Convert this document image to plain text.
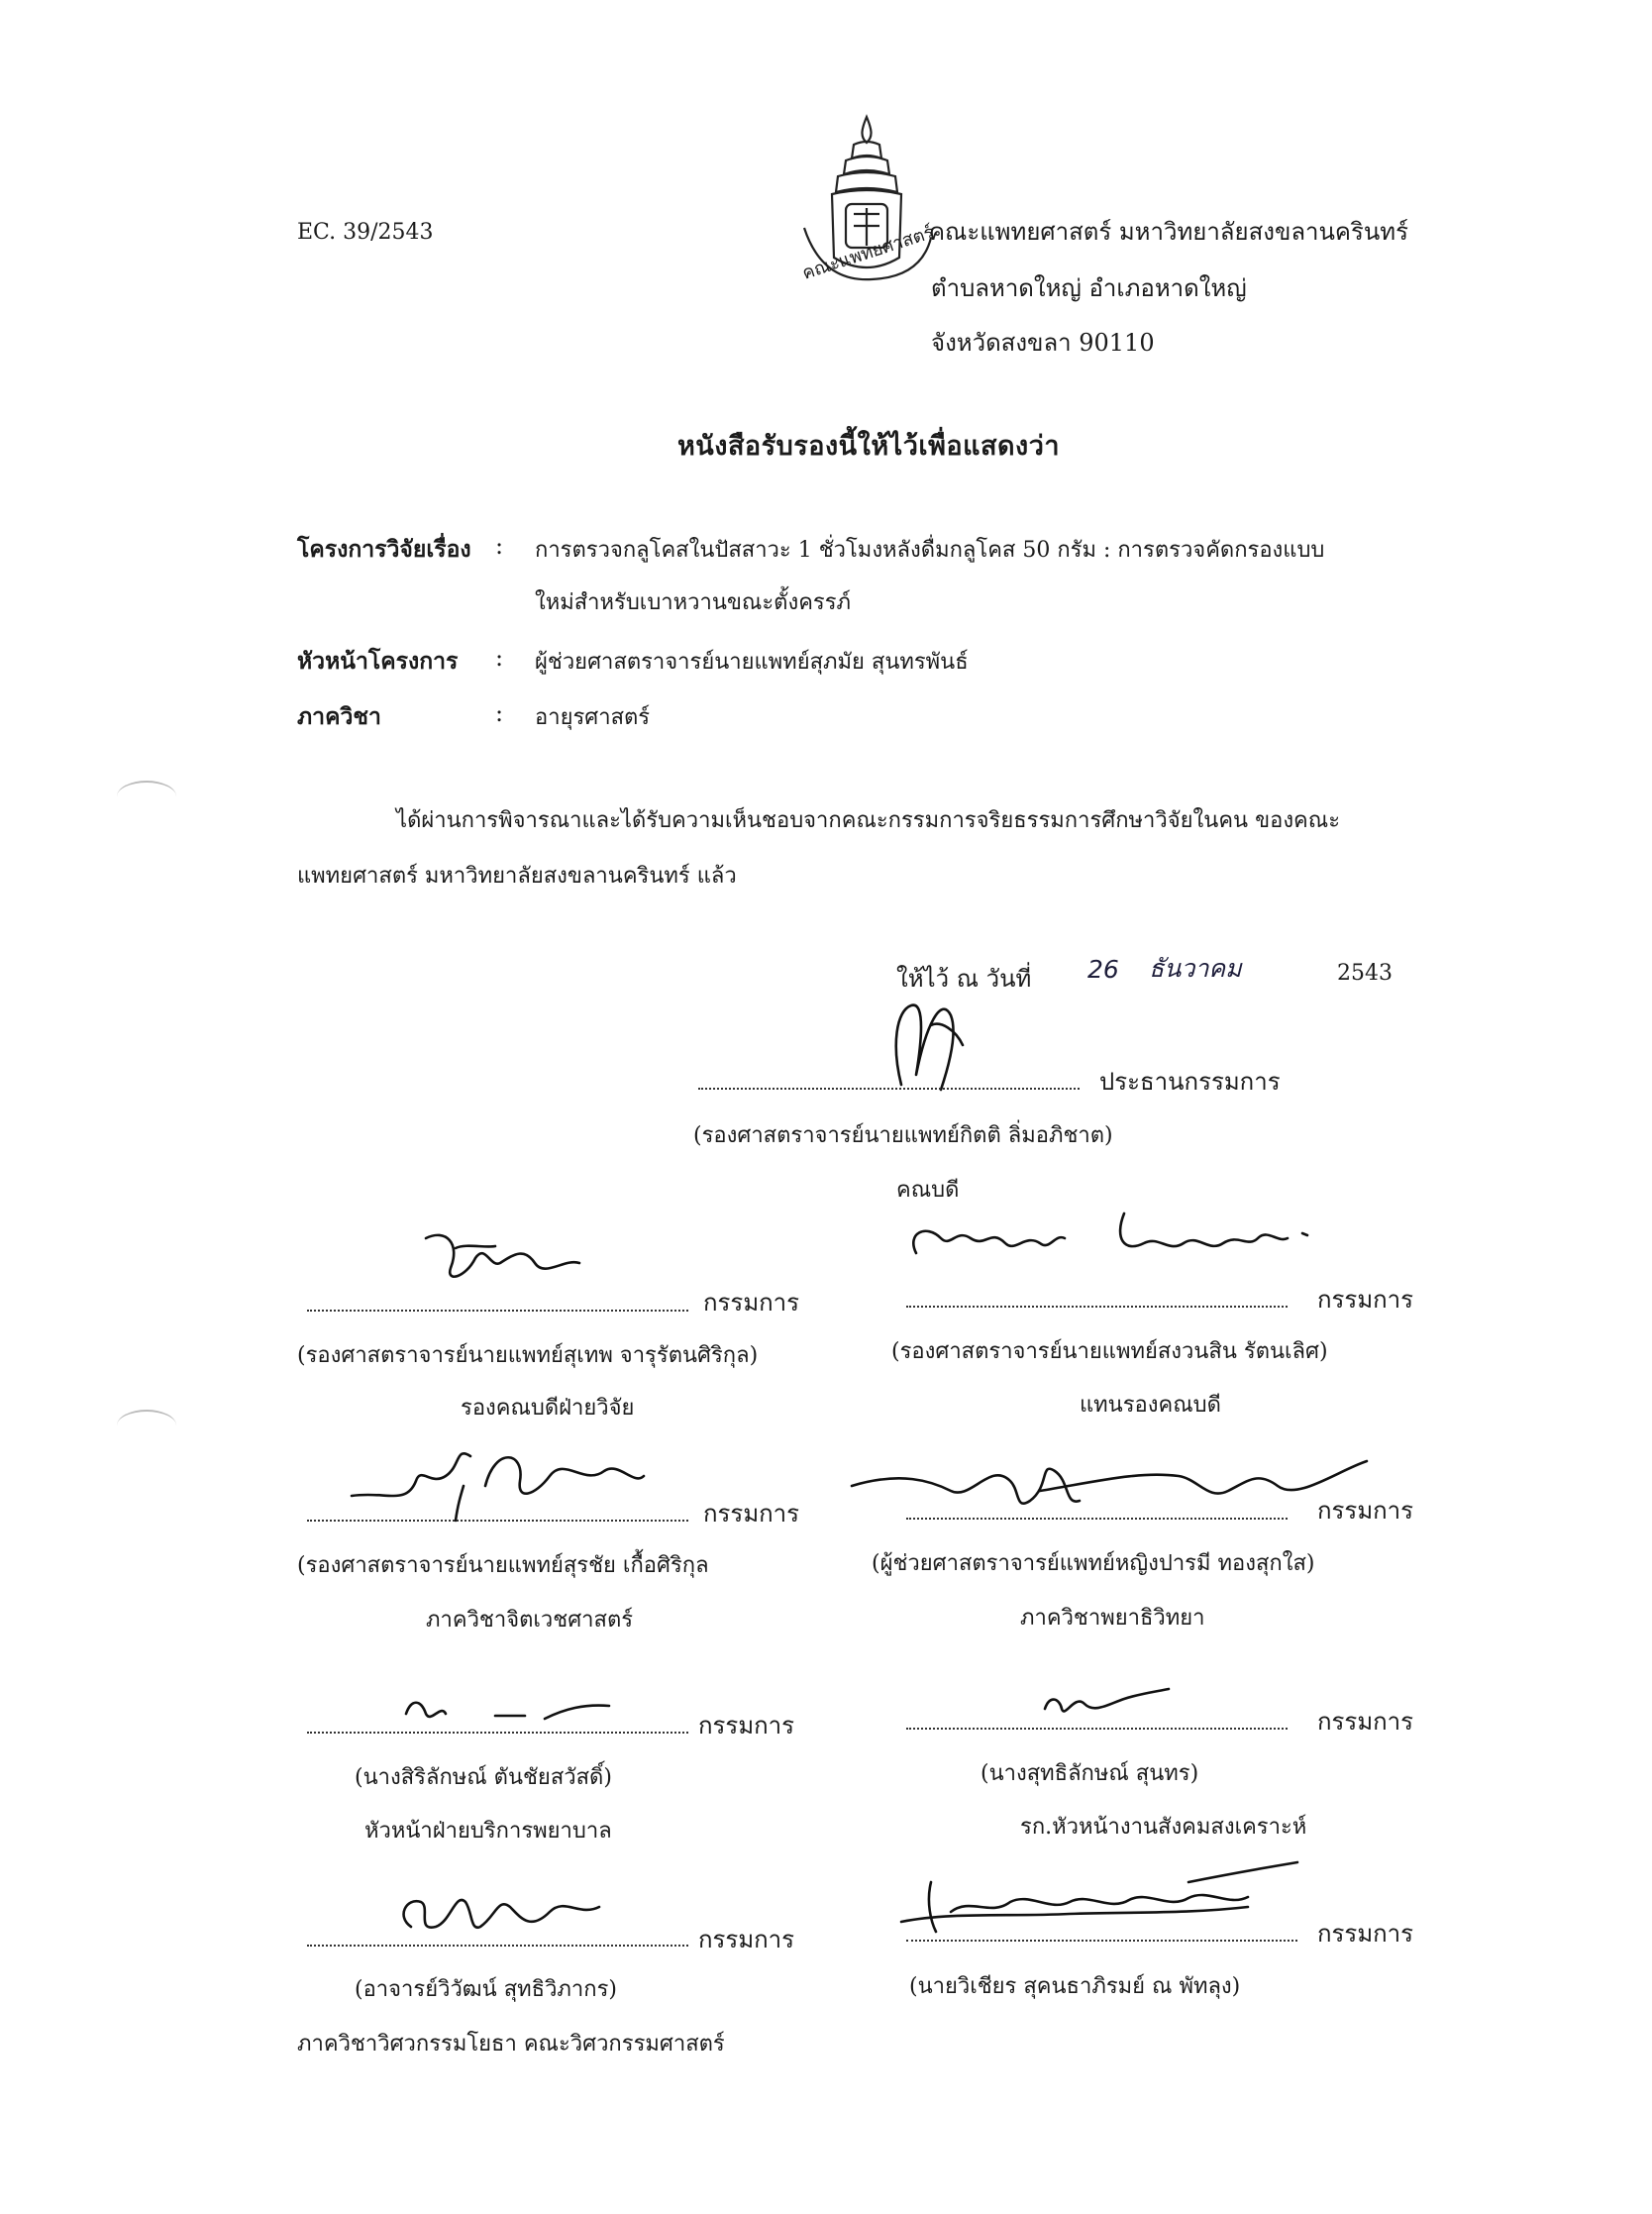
EC. 39/2543	คณะแพทยศาสตร์
คณะแพทยศาสตร์ มหาวิทยาลัยสงขลานครินทร์
ตำบลหาดใหญ่ อำเภอหาดใหญ่
จังหวัดสงขลา 90110
หนังสือรับรองนี้ให้ไว้เพื่อแสดงว่า
โครงการวิจัยเรื่อง : การตรวจกลูโคสในปัสสาวะ 1 ชั่วโมงหลังดื่มกลูโคส 50 กรัม : การตรวจคัดกรองแบบ
ใหม่สำหรับเบาหวานขณะตั้งครรภ์
หัวหน้าโครงการ : ผู้ช่วยศาสตราจารย์นายแพทย์สุภมัย สุนทรพันธ์
ภาควิชา	: อายุรศาสตร์
ได้ผ่านการพิจารณาและได้รับความเห็นชอบจากคณะกรรมการจริยธรรมการศึกษาวิจัยในคน ของคณะ
แพทยศาสตร์ มหาวิทยาลัยสงขลานครินทร์ แล้ว
ให้ไว้ ณ วันที่ 26 ธันวาคม	2543
ประธานกรรมการ
(รองศาสตราจารย์นายแพทย์กิตติ ลิ่มอภิชาต)
คณบดี
กรรมการ
(รองศาสตราจารย์นายแพทย์สุเทพ จารุรัตนศิริกุล)
รองคณบดีฝ่ายวิจัย
กรรมการ
(รองศาสตราจารย์นายแพทย์สงวนสิน รัตนเลิศ)
แทนรองคณบดี
กรรมการ
(รองศาสตราจารย์นายแพทย์สุรชัย เกื้อศิริกุล
ภาควิชาจิตเวชศาสตร์
กรรมการ
(ผู้ช่วยศาสตราจารย์แพทย์หญิงปารมี ทองสุกใส)
ภาควิชาพยาธิวิทยา
กรรมการ
(นางสิริลักษณ์ ตันชัยสวัสดิ์)
หัวหน้าฝ่ายบริการพยาบาล
กรรมการ
(นางสุทธิลักษณ์ สุนทร)
รก.หัวหน้างานสังคมสงเคราะห์
กรรมการ
(อาจารย์วิวัฒน์ สุทธิวิภากร)
ภาควิชาวิศวกรรมโยธา คณะวิศวกรรมศาสตร์
กรรมการ
(นายวิเชียร สุคนธาภิรมย์ ณ พัทลุง)
